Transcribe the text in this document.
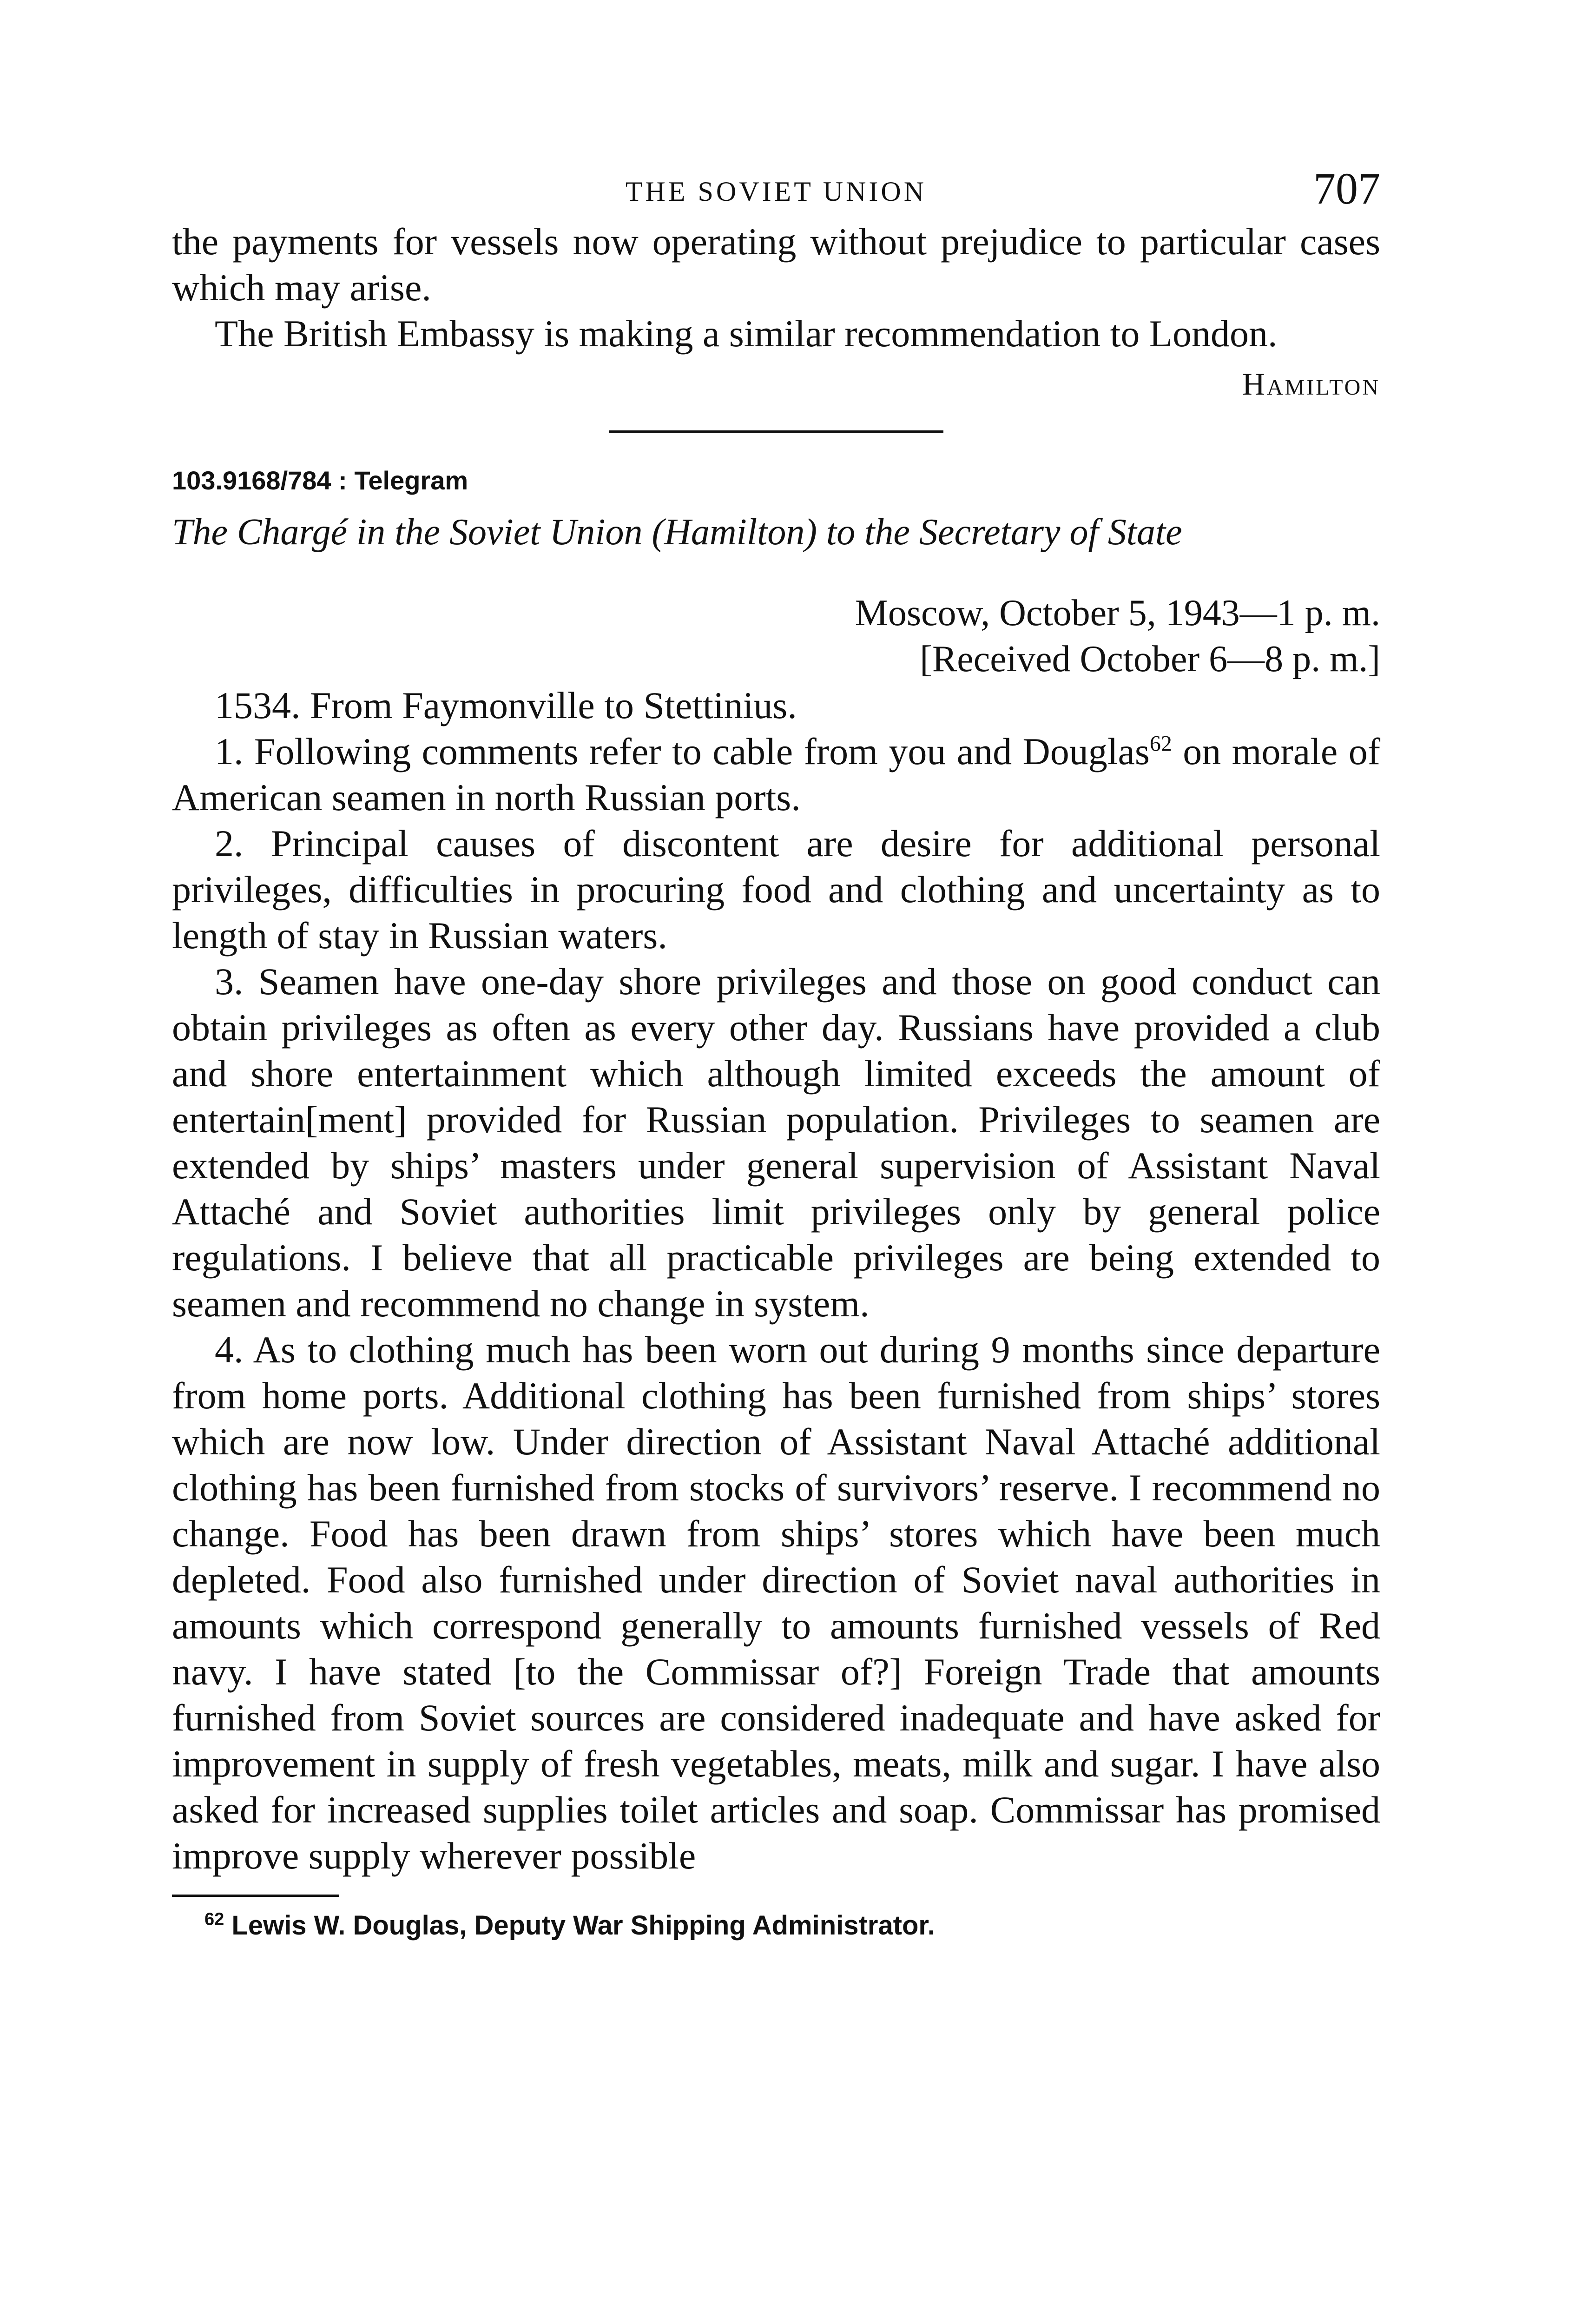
THE SOVIET UNION	707

the payments for vessels now operating without prejudice to particular cases which may arise.

The British Embassy is making a similar recommendation to London.

Hamilton
103.9168/784 : Telegram
The Chargé in the Soviet Union (Hamilton) to the Secretary of State
Moscow, October 5, 1943—1 p. m.
[Received October 6—8 p. m.]

1534. From Faymonville to Stettinius.

1. Following comments refer to cable from you and Douglas$^{62}$ on morale of American seamen in north Russian ports.

2. Principal causes of discontent are desire for additional personal privileges, difficulties in procuring food and clothing and uncertainty as to length of stay in Russian waters.

3. Seamen have one-day shore privileges and those on good conduct can obtain privileges as often as every other day. Russians have provided a club and shore entertainment which although limited exceeds the amount of entertain[ment] provided for Russian population. Privileges to seamen are extended by ships’ masters under general supervision of Assistant Naval Attaché and Soviet authorities limit privileges only by general police regulations. I believe that all practicable privileges are being extended to seamen and recommend no change in system.

4. As to clothing much has been worn out during 9 months since departure from home ports. Additional clothing has been furnished from ships’ stores which are now low. Under direction of Assistant Naval Attaché additional clothing has been furnished from stocks of survivors’ reserve. I recommend no change. Food has been drawn from ships’ stores which have been much depleted. Food also furnished under direction of Soviet naval authorities in amounts which correspond generally to amounts furnished vessels of Red navy. I have stated [to the Commissar of?] Foreign Trade that amounts furnished from Soviet sources are considered inadequate and have asked for improvement in supply of fresh vegetables, meats, milk and sugar. I have also asked for increased supplies toilet articles and soap. Commissar has promised improve supply wherever possible

$^{62}$ Lewis W. Douglas, Deputy War Shipping Administrator.
